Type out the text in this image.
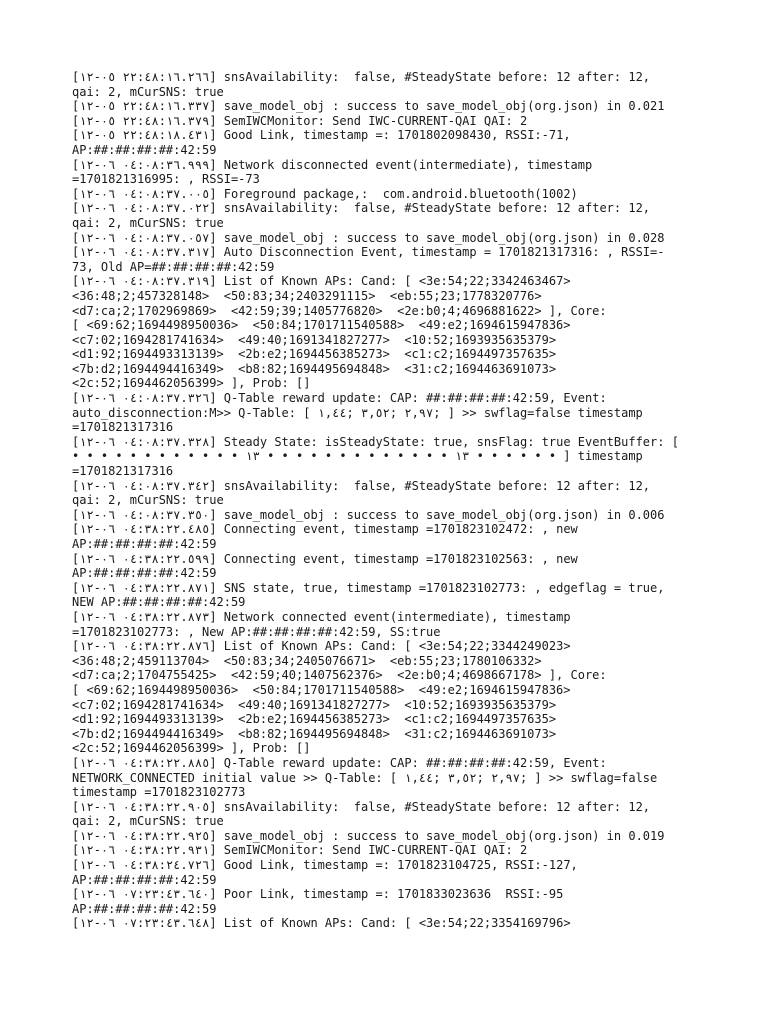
[٢٢:٤٨:١٦.٢٦٦ ٠٥-١٢] snsAvailability:  false, #SteadyState before: 12 after: 12,
qai: 2, mCurSNS: true
[٢٢:٤٨:١٦.٣٣٧ ٠٥-١٢] save_model_obj : success to save_model_obj(org.json) in 0.021
[٢٢:٤٨:١٦.٣٧٩ ٠٥-١٢] SemIWCMonitor: Send IWC-CURRENT-QAI QAI: 2
[٢٢:٤٨:١٨.٤٣١ ٠٥-١٢] Good Link, timestamp =: 1701802098430, RSSI:-71,
AP:##:##:##:##:42:59
[٠٤:٠٨:٣٦.٩٩٩ ٠٦-١٢] Network disconnected event(intermediate), timestamp
=1701821316995: , RSSI=-73
[٠٤:٠٨:٣٧.٠٠٥ ٠٦-١٢] Foreground package,:  com.android.bluetooth(1002)
[٠٤:٠٨:٣٧.٠٢٢ ٠٦-١٢] snsAvailability:  false, #SteadyState before: 12 after: 12,
qai: 2, mCurSNS: true
[٠٤:٠٨:٣٧.٠٥٧ ٠٦-١٢] save_model_obj : success to save_model_obj(org.json) in 0.028
[٠٤:٠٨:٣٧.٣١٧ ٠٦-١٢] Auto Disconnection Event, timestamp = 1701821317316: , RSSI=-
73, Old AP=##:##:##:##:42:59
[٠٤:٠٨:٣٧.٣١٩ ٠٦-١٢] List of Known APs: Cand: [ <3e:54;22;3342463467>
<36:48;2;457328148>  <50:83;34;2403291115>  <eb:55;23;1778320776>
<d7:ca;2;1702969869>  <42:59;39;1405776820>  <2e:b0;4;4696881622> ], Core:
[ <69:62;1694498950036>  <50:84;1701711540588>  <49:e2;1694615947836>
<c7:02;1694281741634>  <49:40;1691341827277>  <10:52;1693935635379>
<d1:92;1694493313139>  <2b:e2;1694456385273>  <c1:c2;1694497357635>
<7b:d2;1694494416349>  <b8:82;1694495694848>  <31:c2;1694463691073>
<2c:52;1694462056399> ], Prob: []
[٠٤:٠٨:٣٧.٣٢٦ ٠٦-١٢] Q-Table reward update: CAP: ##:##:##:##:42:59, Event:
auto_disconnection:M>> Q-Table: [ ٢,٩٧ ;٣,٥٢ ;١,٤٤; ] >> swflag=false timestamp
=1701821317316
[٠٤:٠٨:٣٧.٣٢٨ ٠٦-١٢] Steady State: isSteadyState: true, snsFlag: true EventBuffer: [
• • • • • • • • • • • • ١٣ • • • • • • • • • • • • • ١٣ • • • • • • ] timestamp
=1701821317316
[٠٤:٠٨:٣٧.٣٤٢ ٠٦-١٢] snsAvailability:  false, #SteadyState before: 12 after: 12,
qai: 2, mCurSNS: true
[٠٤:٠٨:٣٧.٣٥٠ ٠٦-١٢] save_model_obj : success to save_model_obj(org.json) in 0.006
[٠٤:٣٨:٢٢.٤٨٥ ٠٦-١٢] Connecting event, timestamp =1701823102472: , new
AP:##:##:##:##:42:59
[٠٤:٣٨:٢٢.٥٩٩ ٠٦-١٢] Connecting event, timestamp =1701823102563: , new
AP:##:##:##:##:42:59
[٠٤:٣٨:٢٢.٨٧١ ٠٦-١٢] SNS state, true, timestamp =1701823102773: , edgeflag = true,
NEW AP:##:##:##:##:42:59
[٠٤:٣٨:٢٢.٨٧٣ ٠٦-١٢] Network connected event(intermediate), timestamp
=1701823102773: , New AP:##:##:##:##:42:59, SS:true
[٠٤:٣٨:٢٢.٨٧٦ ٠٦-١٢] List of Known APs: Cand: [ <3e:54;22;3344249023>
<36:48;2;459113704>  <50:83;34;2405076671>  <eb:55;23;1780106332>
<d7:ca;2;1704755425>  <42:59;40;1407562376>  <2e:b0;4;4698667178> ], Core:
[ <69:62;1694498950036>  <50:84;1701711540588>  <49:e2;1694615947836>
<c7:02;1694281741634>  <49:40;1691341827277>  <10:52;1693935635379>
<d1:92;1694493313139>  <2b:e2;1694456385273>  <c1:c2;1694497357635>
<7b:d2;1694494416349>  <b8:82;1694495694848>  <31:c2;1694463691073>
<2c:52;1694462056399> ], Prob: []
[٠٤:٣٨:٢٢.٨٨٥ ٠٦-١٢] Q-Table reward update: CAP: ##:##:##:##:42:59, Event:
NETWORK_CONNECTED initial value >> Q-Table: [ ٢,٩٧ ;٣,٥٢ ;١,٤٤; ] >> swflag=false
timestamp =1701823102773
[٠٤:٣٨:٢٢.٩٠٥ ٠٦-١٢] snsAvailability:  false, #SteadyState before: 12 after: 12,
qai: 2, mCurSNS: true
[٠٤:٣٨:٢٢.٩٢٥ ٠٦-١٢] save_model_obj : success to save_model_obj(org.json) in 0.019
[٠٤:٣٨:٢٢.٩٣١ ٠٦-١٢] SemIWCMonitor: Send IWC-CURRENT-QAI QAI: 2
[٠٤:٣٨:٢٤.٧٢٦ ٠٦-١٢] Good Link, timestamp =: 1701823104725, RSSI:-127,
AP:##:##:##:##:42:59
[٠٧:٢٣:٤٣.٦٤٠ ٠٦-١٢] Poor Link, timestamp =: 1701833023636  RSSI:-95
AP:##:##:##:##:42:59
[٠٧:٢٣:٤٣.٦٤٨ ٠٦-١٢] List of Known APs: Cand: [ <3e:54;22;3354169796>
